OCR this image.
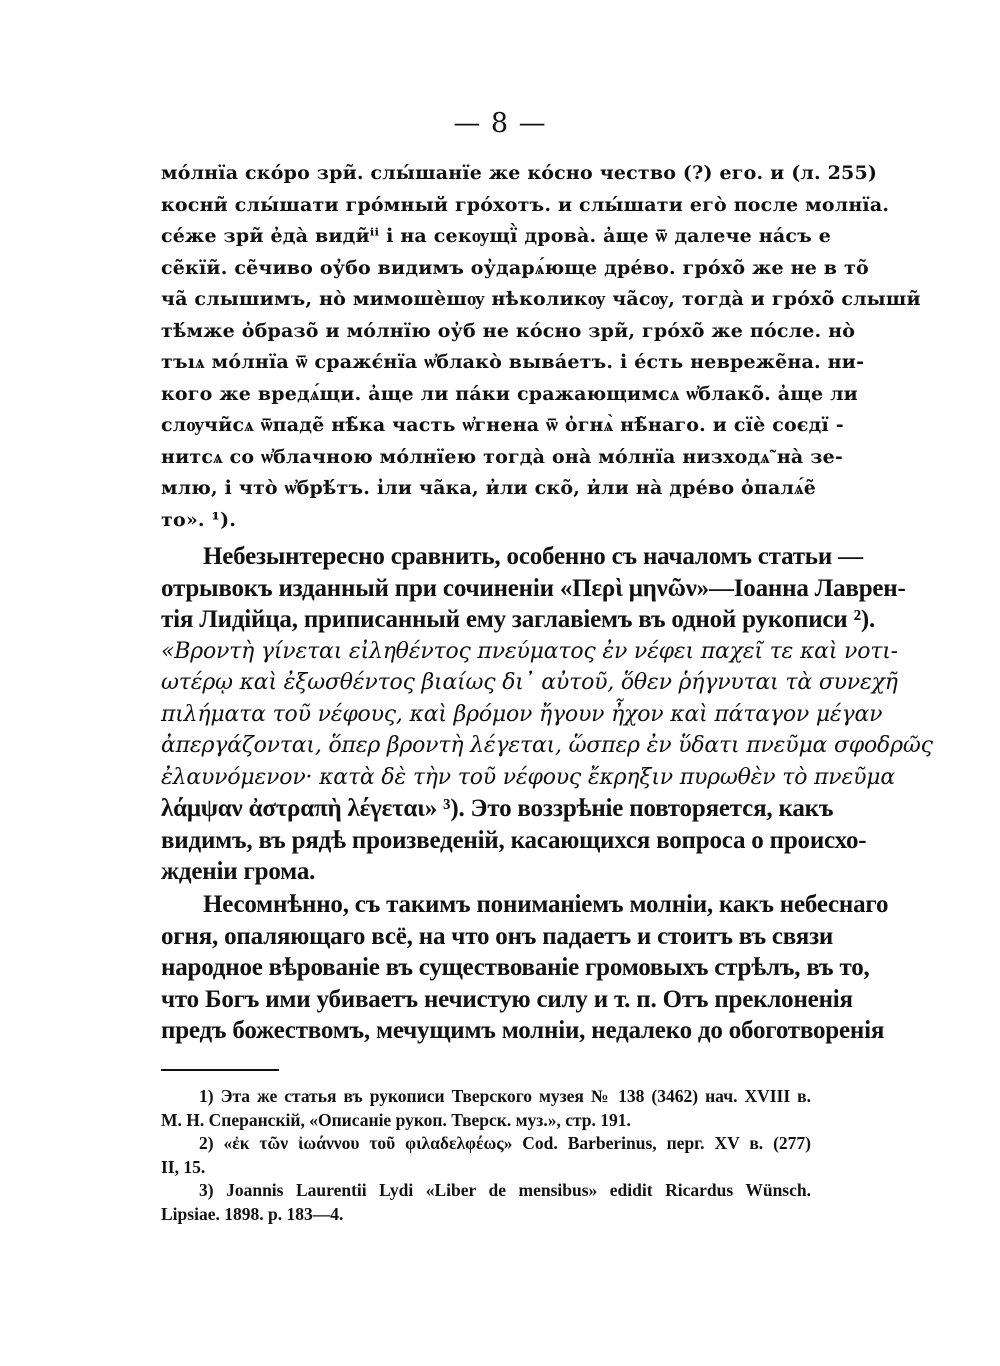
— 8 —
мо́лнїа ско́ро зри̃. слы́шанїе же ко́сно чество (?) его. и (л. 255)
косни̃ слы́шати гро́мный гро́хотъ. и слы́шати его̀ после молнїа.
се́же зри̃ е̓да̀ види̃ⁱⁱ і на секѹщї̀ дрова̀. а̓ще ѿ далече на́съ е
се̃кїи̃. се̃чиво оу̓бо видимъ оу̓дарѧ́юще дре́во. гро́хо̃ же не в то̃
ча̃ слышимъ, но̀ мимошѐшѹ нѣколикѹ ча̃сѹ, тогда̀ и гро́хо̃ слыши̃
тѣ́мже о̓бразо̃ и мо́лнїю оу̓б не ко́сно зри̃, гро́хо̃ же по́сле. но̀
тъıѧ мо́лнїа ѿ сражє́нїа ѡ̓блако̀ выва́етъ. і е́сть невреже̃на. ни-
кого же вредѧ́щи. а̓ще ли па́ки сражающимсѧ ѡ̓блако̃. а̓ще ли
слѹчи̃сѧ ѿпаде̃ нѣ̃ка часть ѡ̓гнена ѿ о̓гнѧ̀ нѣ̃наго. и сїѐ соєдї -
нитсѧ со ѡ̓блачною мо́лнїею тогда̀ она̀ мо́лнїа низходѧ̃ на̀ зе-
млю, і что̀ ѡ̓брѣ́тъ. і̓ли ча̃ка, и̓ли ско̃, и̓ли на̀ дре́во о̓палѧ́е̃
то». ¹).
Небезынтересно сравнить, особенно съ началомъ статьи —
отрывокъ изданный при сочиненіи «Περὶ μηνῶν»—Іоанна Лаврен-
тія Лидійца, приписанный ему заглавіемъ въ одной рукописи ²).
«Βροντὴ γίνεται εἰληθέντος πνεύματος ἐν νέφει παχεῖ τε καὶ νοτι-
ωτέρῳ καὶ ἐξωσθέντος βιαίως δι᾽ αὐτοῦ, ὅθεν ῥήγνυται τὰ συνεχῆ
πιλήματα τοῦ νέφους, καὶ βρόμον ἤγουν ἦχον καὶ πάταγον μέγαν
ἀπεργάζονται, ὅπερ βροντὴ λέγεται, ὥσπερ ἐν ὕδατι πνεῦμα σφοδρῶς
ἐλαυνόμενον· κατὰ δὲ τὴν τοῦ νέφους ἔκρηξιν πυρωθὲν τὸ πνεῦμα
λάμψαν ἀστραπὴ λέγεται» ³). Это воззрѣніе повторяется, какъ
видимъ, въ рядѣ произведеній, касающихся вопроса о происхо-
жденіи грома.
Несомнѣнно, съ такимъ пониманіемъ молніи, какъ небеснаго
огня, опаляющаго всё, на что онъ падаетъ и стоитъ въ связи
народное вѣрованіе въ существованіе громовыхъ стрѣлъ, въ то,
что Богъ ими убиваетъ нечистую силу и т. п. Отъ преклоненія
предъ божествомъ, мечущимъ молніи, недалеко до обоготворенія
1) Эта же статья въ рукописи Тверского музея № 138 (3462) нач. XVIII в.
М. Н. Сперанскій, «Описаніе рукоп. Тверск. муз.», стр. 191.
2) «ἐκ τῶν ἰωάννου τοῦ φιλαδελφέως» Cod. Barberinus, перг. XV в. (277)
II, 15.
3) Joannis Laurentii Lydi «Liber de mensibus» edidit Ricardus Wünsch.
Lipsiae. 1898. p. 183—4.
